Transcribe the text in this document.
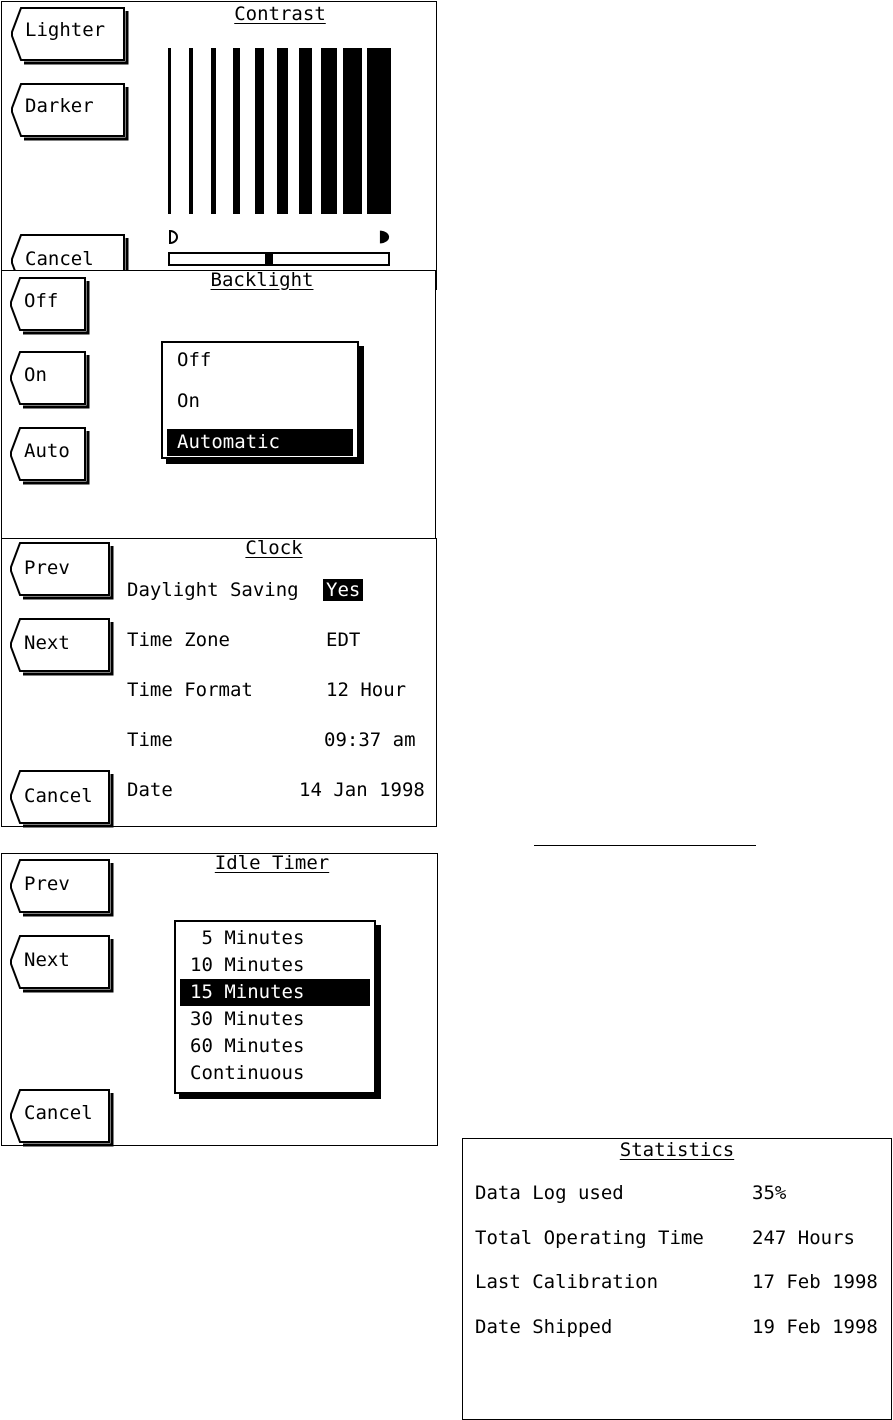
Contrast
Lighter
Darker
Cancel
Backlight
Off
On
Auto
Off
On
Automatic
Clock
Prev
Next
Cancel
Daylight Saving Yes
Time Zone	EDT
Time Format	12 Hour
Time	09:37 am
Date	14 Jan 1998
Idle Timer
Prev
Next
Cancel
5 Minutes
10 Minutes
15 Minutes
30 Minutes
60 Minutes
Continuous
Statistics
Data Log used	35%
Total Operating Time	247 Hours
Last Calibration	17 Feb 1998
Date Shipped	19 Feb 1998
